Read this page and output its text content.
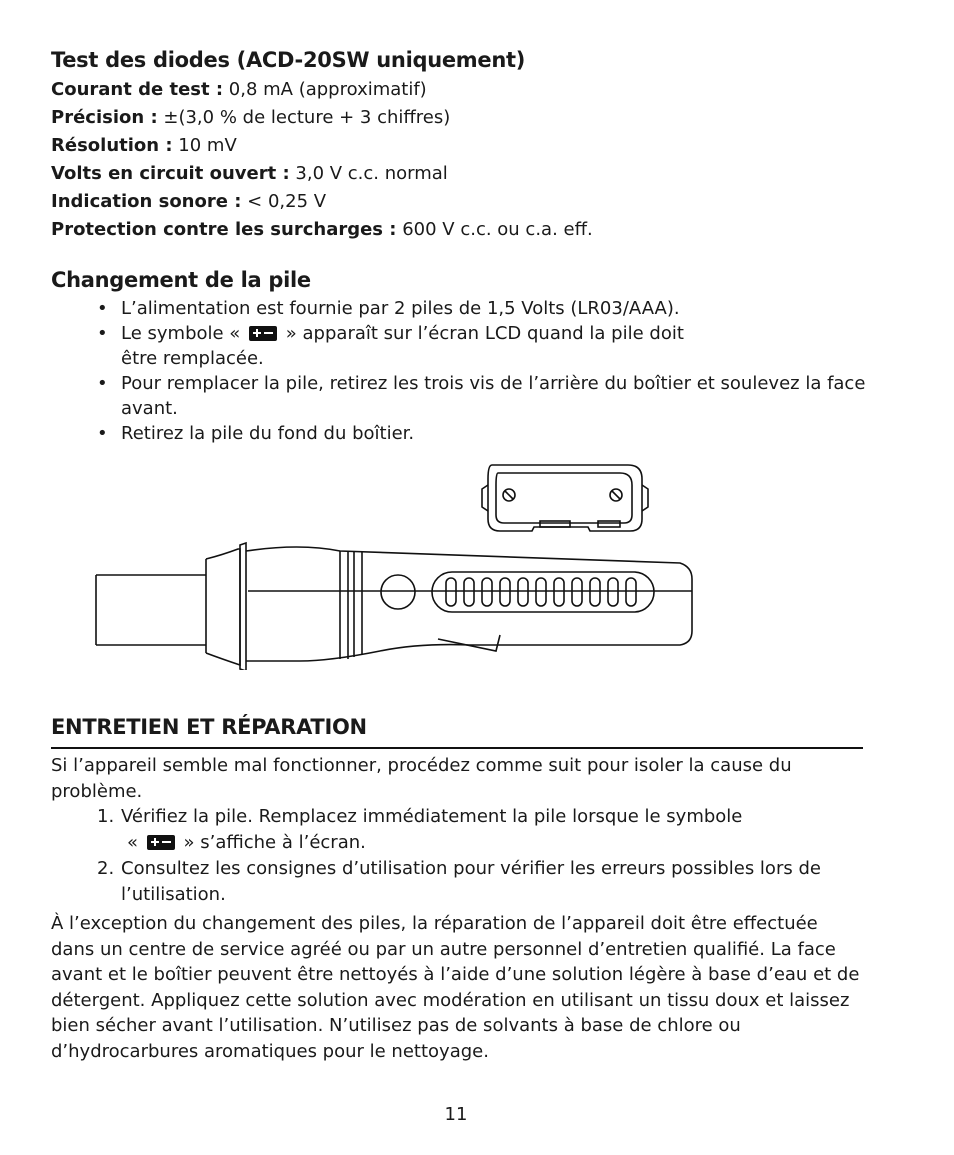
Test des diodes (ACD-20SW uniquement)
Courant de test : 0,8 mA (approximatif)
Précision : ±(3,0 % de lecture + 3 chiffres)
Résolution : 10 mV
Volts en circuit ouvert : 3,0 V c.c. normal
Indication sonore : < 0,25 V
Protection contre les surcharges : 600 V c.c. ou c.a. eff.
Changement de la pile
• L’alimentation est fournie par 2 piles de 1,5 Volts (LR03/AAA).
• Le symbole «	» apparaît sur l’écran LCD quand la pile doit
être remplacée.
• Pour remplacer la pile, retirez les trois vis de l’arrière du boîtier et soulevez la face avant.
• Retirez la pile du fond du boîtier.
ENTRETIEN ET RÉPARATION
Si l’appareil semble mal fonctionner, procédez comme suit pour isoler la cause du problème.
1. Vérifiez la pile. Remplacez immédiatement la pile lorsque le symbole
«	» s’affiche à l’écran.
2. Consultez les consignes d’utilisation pour vérifier les erreurs possibles lors de l’utilisation.
À l’exception du changement des piles, la réparation de l’appareil doit être effectuée dans un centre de service agréé ou par un autre personnel d’entretien qualifié. La face avant et le boîtier peuvent être nettoyés à l’aide d’une solution légère à base d’eau et de détergent. Appliquez cette solution avec modération en utilisant un tissu doux et laissez bien sécher avant l’utilisation. N’utilisez pas de solvants à base de chlore ou d’hydrocarbures aromatiques pour le nettoyage.
11
